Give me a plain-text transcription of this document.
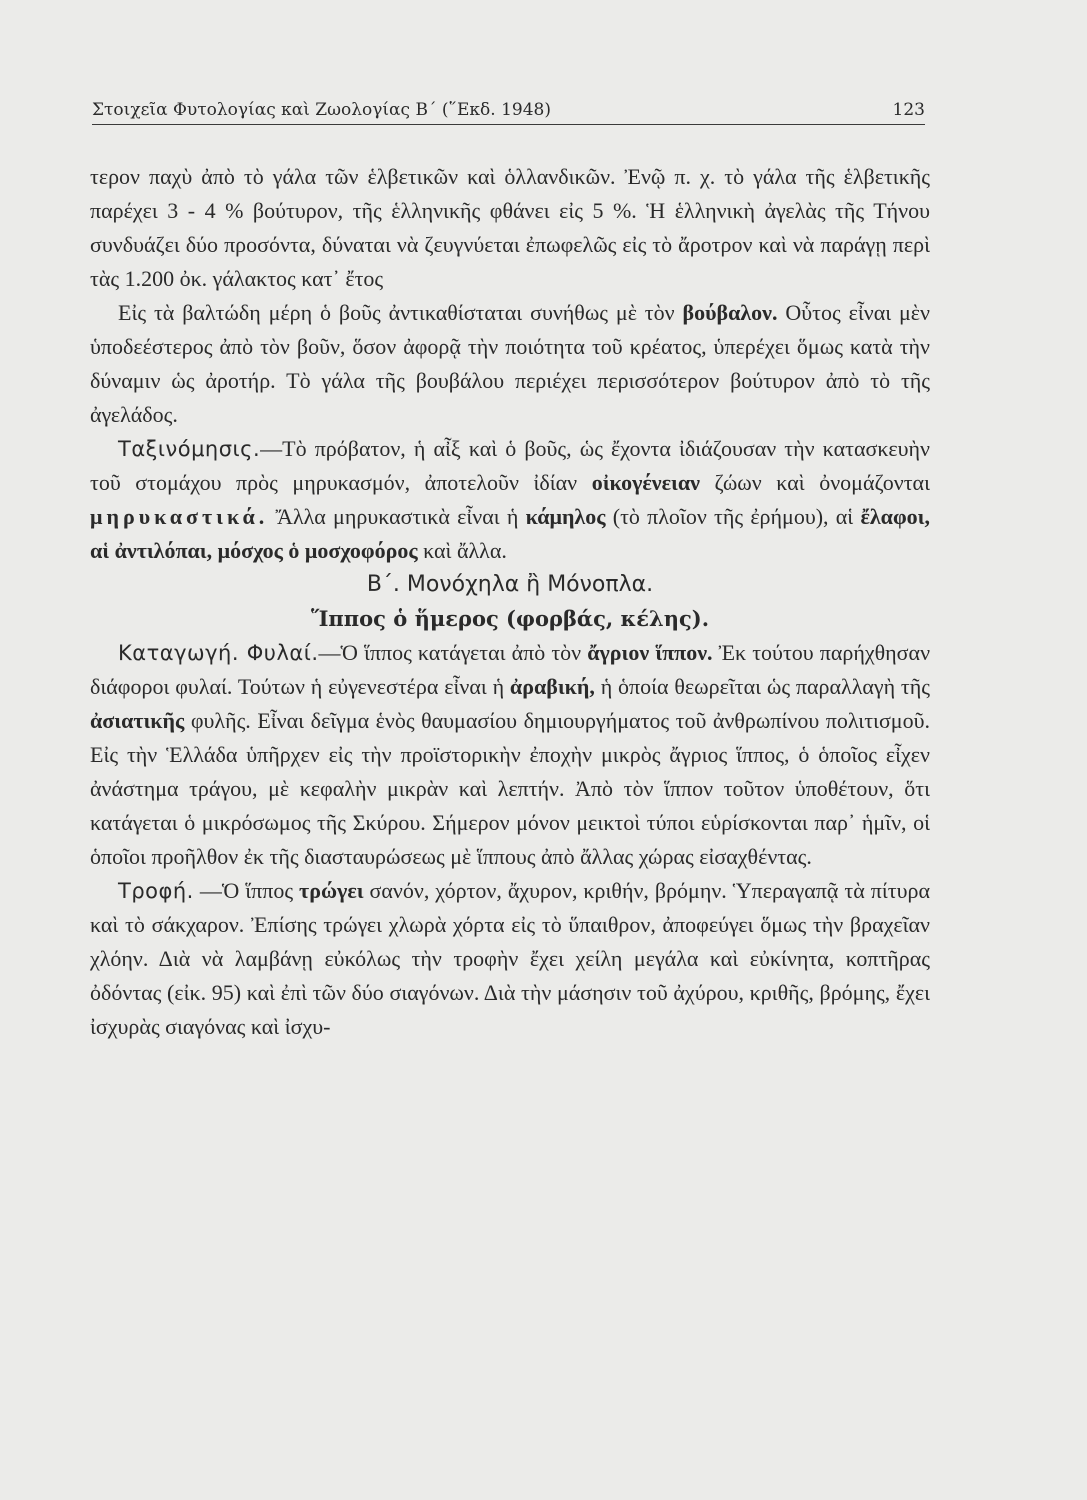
Στοιχεῖα Φυτολογίας καὶ Ζωολογίας Β΄ (῞Εκδ. 1948)	123

τερον παχὺ ἀπὸ τὸ γάλα τῶν ἑλβετικῶν καὶ ὁλλανδικῶν. Ἐνῷ π. χ. τὸ γάλα τῆς ἑλβετικῆς παρέχει 3 - 4 % βούτυρον, τῆς ἑλληνικῆς φθάνει εἰς 5 %. Ἡ ἑλληνικὴ ἀγελὰς τῆς Τήνου συνδυάζει δύο προσόντα, δύναται νὰ ζευγνύεται ἐπωφελῶς εἰς τὸ ἄροτρον καὶ νὰ παράγῃ περὶ τὰς 1.200 ὀκ. γάλακτος κατ᾽ ἔτος

Εἰς τὰ βαλτώδη μέρη ὁ βοῦς ἀντικαθίσταται συνήθως μὲ τὸν βούβαλον. Οὗτος εἶναι μὲν ὑποδεέστερος ἀπὸ τὸν βοῦν, ὅσον ἀφορᾷ τὴν ποιότητα τοῦ κρέατος, ὑπερέχει ὅμως κατὰ τὴν δύναμιν ὡς ἀροτήρ. Τὸ γάλα τῆς βουβάλου περιέχει περισσότερον βούτυρον ἀπὸ τὸ τῆς ἀγελάδος.

Ταξινόμησις.—Τὸ πρόβατον, ἡ αἶξ καὶ ὁ βοῦς, ὡς ἔχοντα ἰδιάζουσαν τὴν κατασκευὴν τοῦ στομάχου πρὸς μηρυκασμόν, ἀποτελοῦν ἰδίαν οἰκογένειαν ζώων καὶ ὀνομάζονται μηρυκαστικά. Ἄλλα μηρυκαστικὰ εἶναι ἡ κάμηλος (τὸ πλοῖον τῆς ἐρήμου), αἱ ἔλαφοι, αἱ ἀντιλόπαι, μόσχος ὁ μοσχοφόρος καὶ ἄλλα.

Β΄. Μονόχηλα ἢ Μόνοπλα.

Ἵππος ὁ ἥμερος (φορβάς, κέλης).

Καταγωγή. Φυλαί.—Ὁ ἵππος κατάγεται ἀπὸ τὸν ἄγριον ἵππον. Ἐκ τούτου παρήχθησαν διάφοροι φυλαί. Τούτων ἡ εὐγενεστέρα εἶναι ἡ ἀραβική, ἡ ὁποία θεωρεῖται ὡς παραλλαγὴ τῆς ἀσιατικῆς φυλῆς. Εἶναι δεῖγμα ἑνὸς θαυμασίου δημιουργήματος τοῦ ἀνθρωπίνου πολιτισμοῦ. Εἰς τὴν Ἑλλάδα ὑπῆρχεν εἰς τὴν προϊστορικὴν ἐποχὴν μικρὸς ἄγριος ἵππος, ὁ ὁποῖος εἶχεν ἀνάστημα τράγου, μὲ κεφαλὴν μικρὰν καὶ λεπτήν. Ἀπὸ τὸν ἵππον τοῦτον ὑποθέτουν, ὅτι κατάγεται ὁ μικρόσωμος τῆς Σκύρου. Σήμερον μόνον μεικτοὶ τύποι εὑρίσκονται παρ᾽ ἡμῖν, οἱ ὁποῖοι προῆλθον ἐκ τῆς διασταυρώσεως μὲ ἵππους ἀπὸ ἄλλας χώρας εἰσαχθέντας.

Τροφή. —Ὁ ἵππος τρώγει σανόν, χόρτον, ἄχυρον, κριθήν, βρόμην. Ὑπεραγαπᾷ τὰ πίτυρα καὶ τὸ σάκχαρον. Ἐπίσης τρώγει χλωρὰ χόρτα εἰς τὸ ὕπαιθρον, ἀποφεύγει ὅμως τὴν βραχεῖαν χλόην. Διὰ νὰ λαμβάνῃ εὐκόλως τὴν τροφὴν ἔχει χείλη μεγάλα καὶ εὐκίνητα, κοπτῆρας ὀδόντας (εἰκ. 95) καὶ ἐπὶ τῶν δύο σιαγόνων. Διὰ τὴν μάσησιν τοῦ ἀχύρου, κριθῆς, βρόμης, ἔχει ἰσχυρὰς σιαγόνας καὶ ἰσχυ-
